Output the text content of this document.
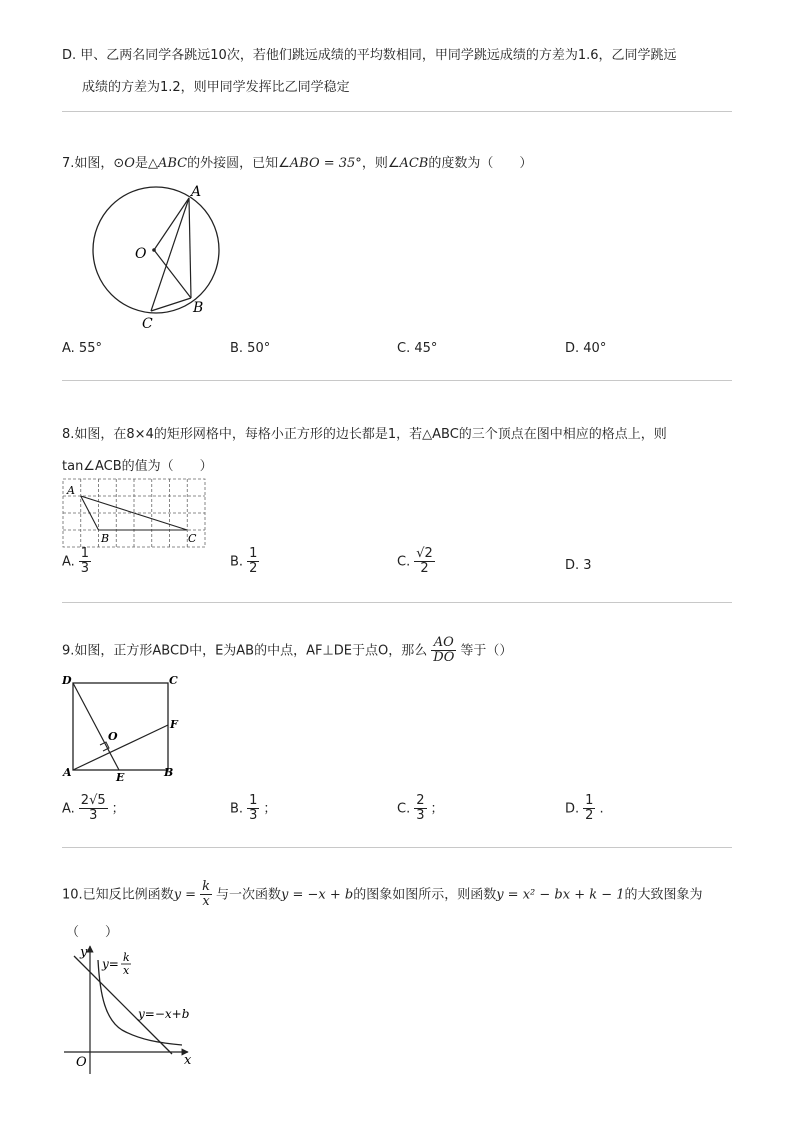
D. 甲、乙两名同学各跳远10次，若他们跳远成绩的平均数相同，甲同学跳远成绩的方差为1.6，乙同学跳远
成绩的方差为1.2，则甲同学发挥比乙同学稳定
7.如图，⊙O是△ABC的外接圆，已知∠ABO = 35°，则∠ACB的度数为（　　）
A
O
B
C
A. 55°	B. 50°	C. 45°	D. 40°
8.如图，在8×4的矩形网格中，每格小正方形的边长都是1，若△ABC的三个顶点在图中相应的格点上，则
tan∠ACB的值为（　　）
A
B	C
A. $\frac{1}{3}$	B. $\frac{1}{2}$	C. $\frac{√2}{2}$	D. 3
9.如图，正方形ABCD中，E为AB的中点，AF⊥DE于点O，那么 $\frac{AO}{DO}$ 等于（）
D	C
F
O
A	E	B
A. $\frac{2√5}{3}$ ；	B. $\frac{1}{3}$ ；	C. $\frac{2}{3}$ ；	D. $\frac{1}{2}$ .
10.已知反比例函数$y = \frac{k}{x}$ 与一次函数y = −x + b的图象如图所示，则函数y = x² − bx + k − 1的大致图象为
（　　）
y
x
O
y= k
x
y=−x+b
